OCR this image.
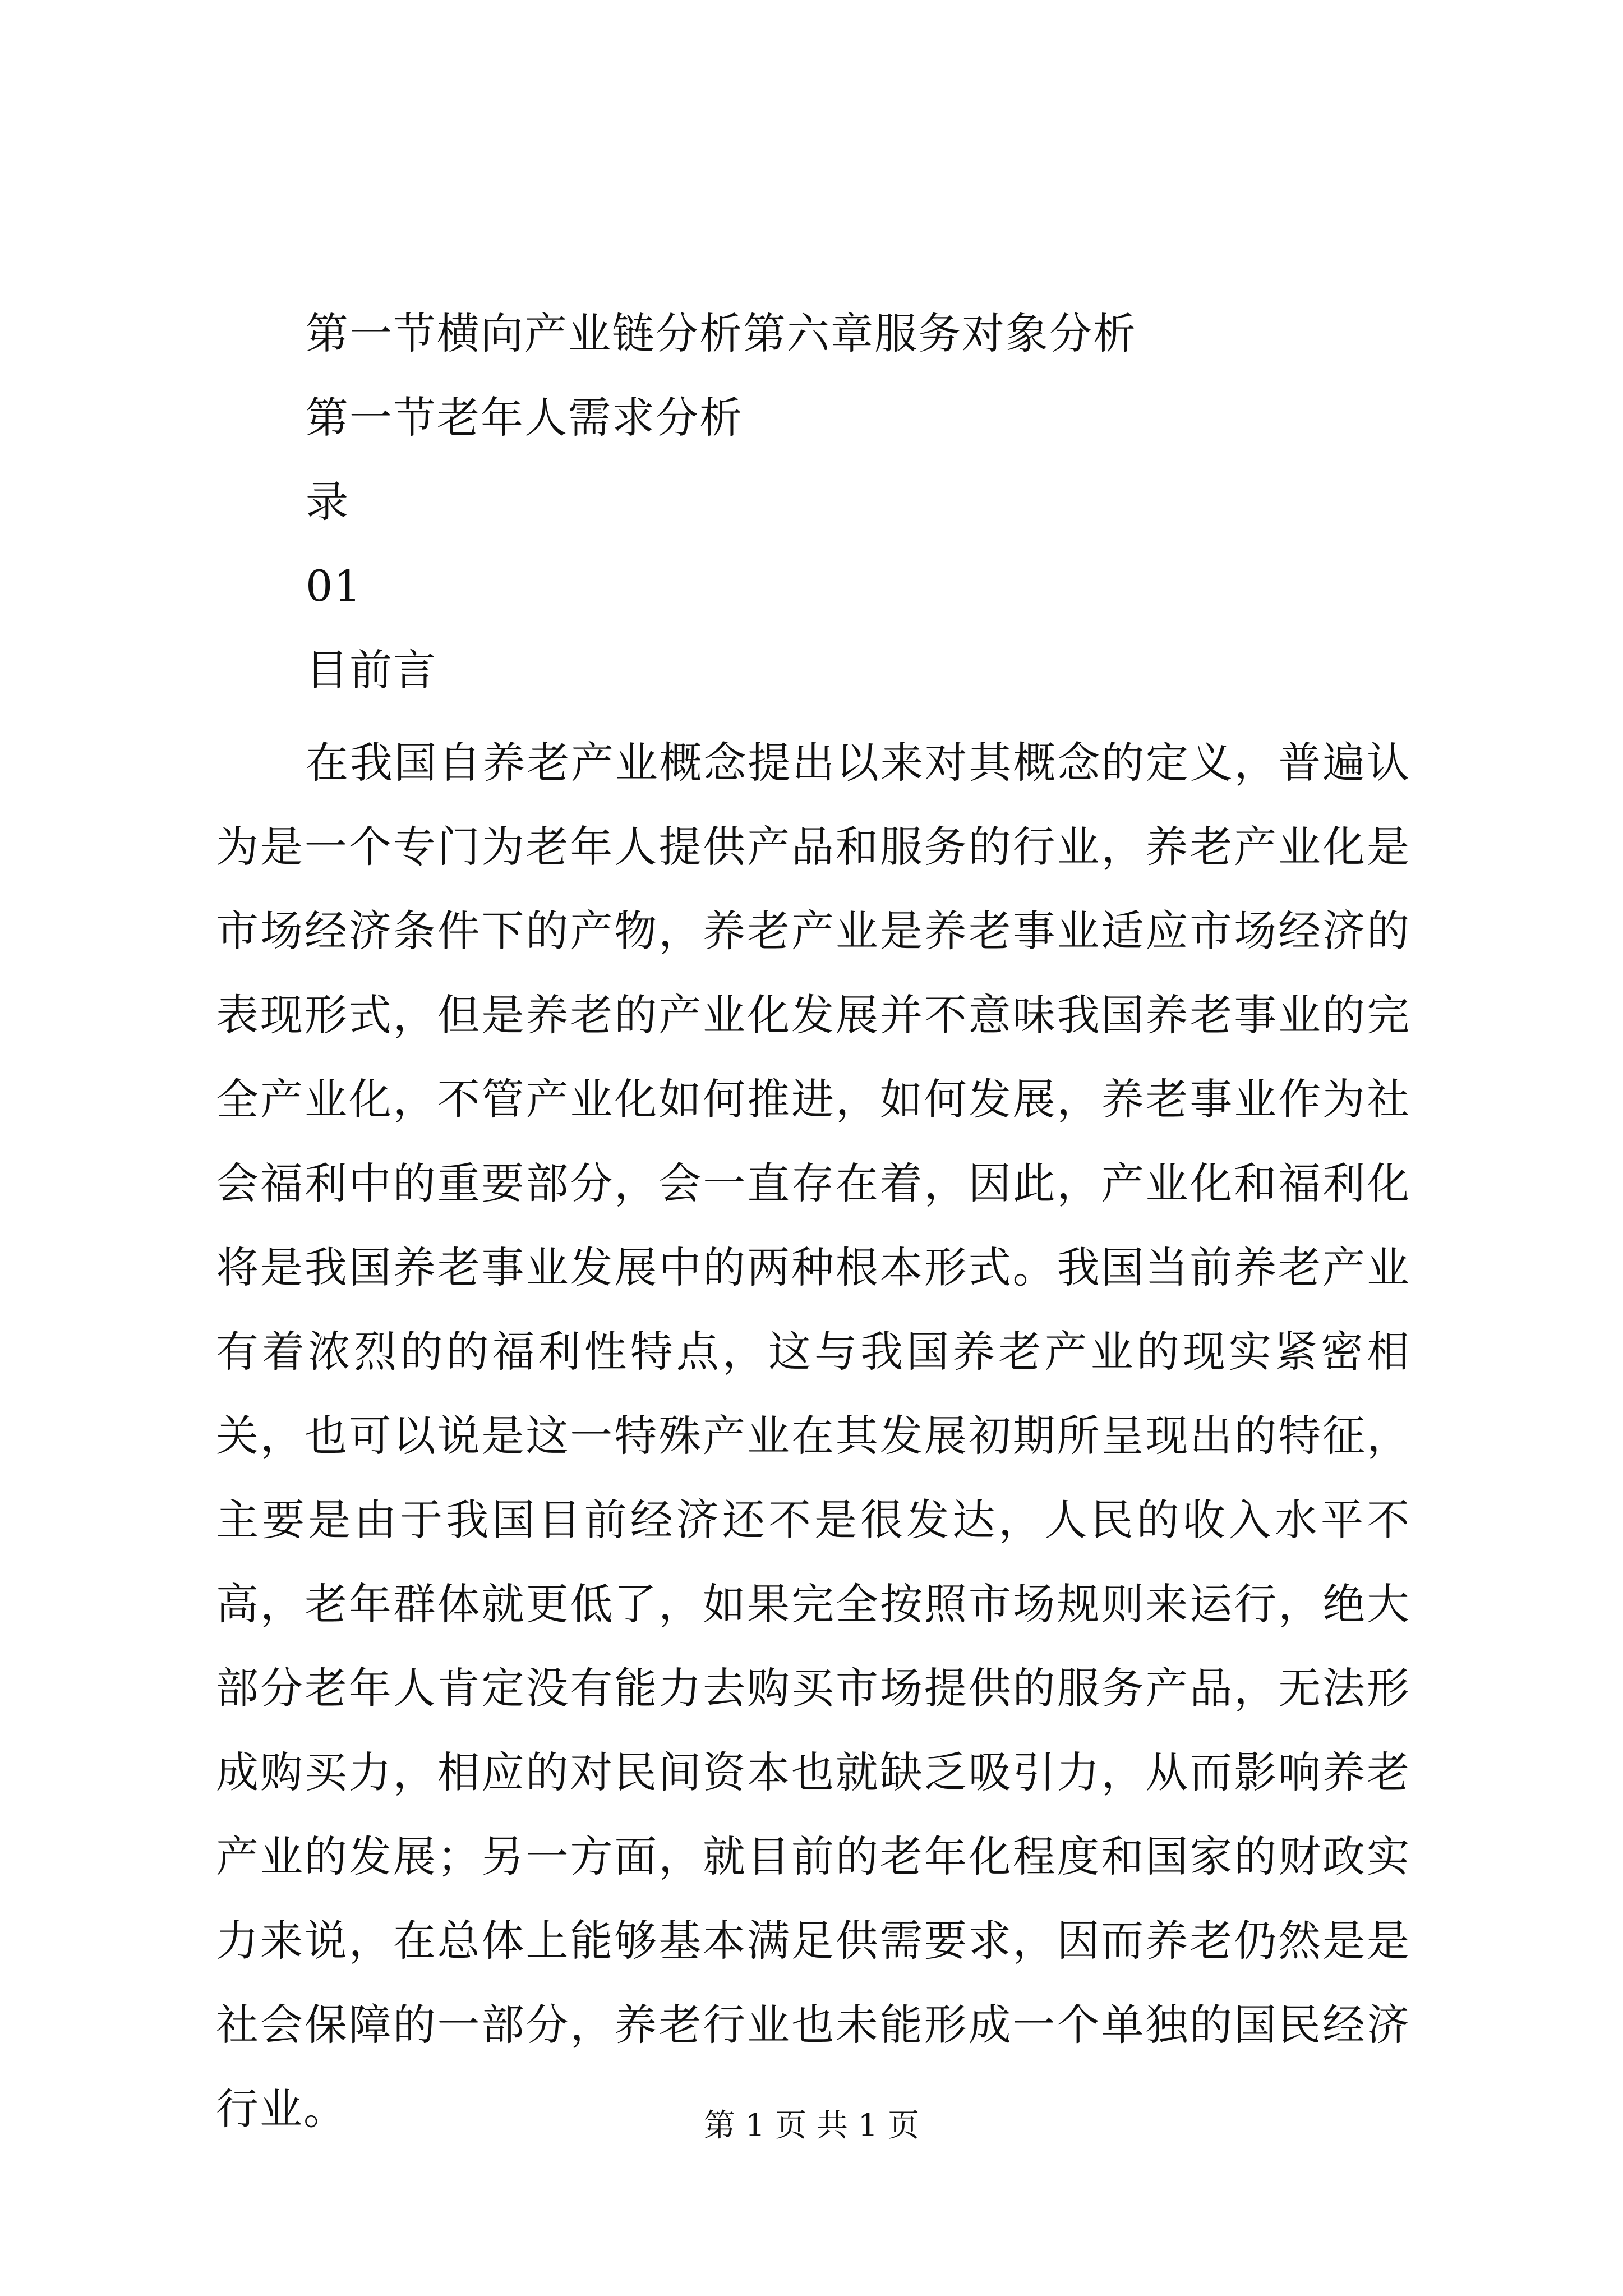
第一节横向产业链分析第六章服务对象分析
第一节老年人需求分析
录
01
目前言
在我国自养老产业概念提出以来对其概念的定义，普遍认为是一个专门为老年人提供产品和服务的行业，养老产业化是市场经济条件下的产物，养老产业是养老事业适应市场经济的表现形式，但是养老的产业化发展并不意味我国养老事业的完全产业化，不管产业化如何推进，如何发展，养老事业作为社会福利中的重要部分，会一直存在着，因此，产业化和福利化将是我国养老事业发展中的两种根本形式。我国当前养老产业有着浓烈的的福利性特点，这与我国养老产业的现实紧密相关，也可以说是这一特殊产业在其发展初期所呈现出的特征，主要是由于我国目前经济还不是很发达，人民的收入水平不高，老年群体就更低了，如果完全按照市场规则来运行，绝大部分老年人肯定没有能力去购买市场提供的服务产品，无法形成购买力，相应的对民间资本也就缺乏吸引力，从而影响养老产业的发展；另一方面，就目前的老年化程度和国家的财政实力来说，在总体上能够基本满足供需要求，因而养老仍然是是社会保障的一部分，养老行业也未能形成一个单独的国民经济行业。	第 1 页 共 1 页
